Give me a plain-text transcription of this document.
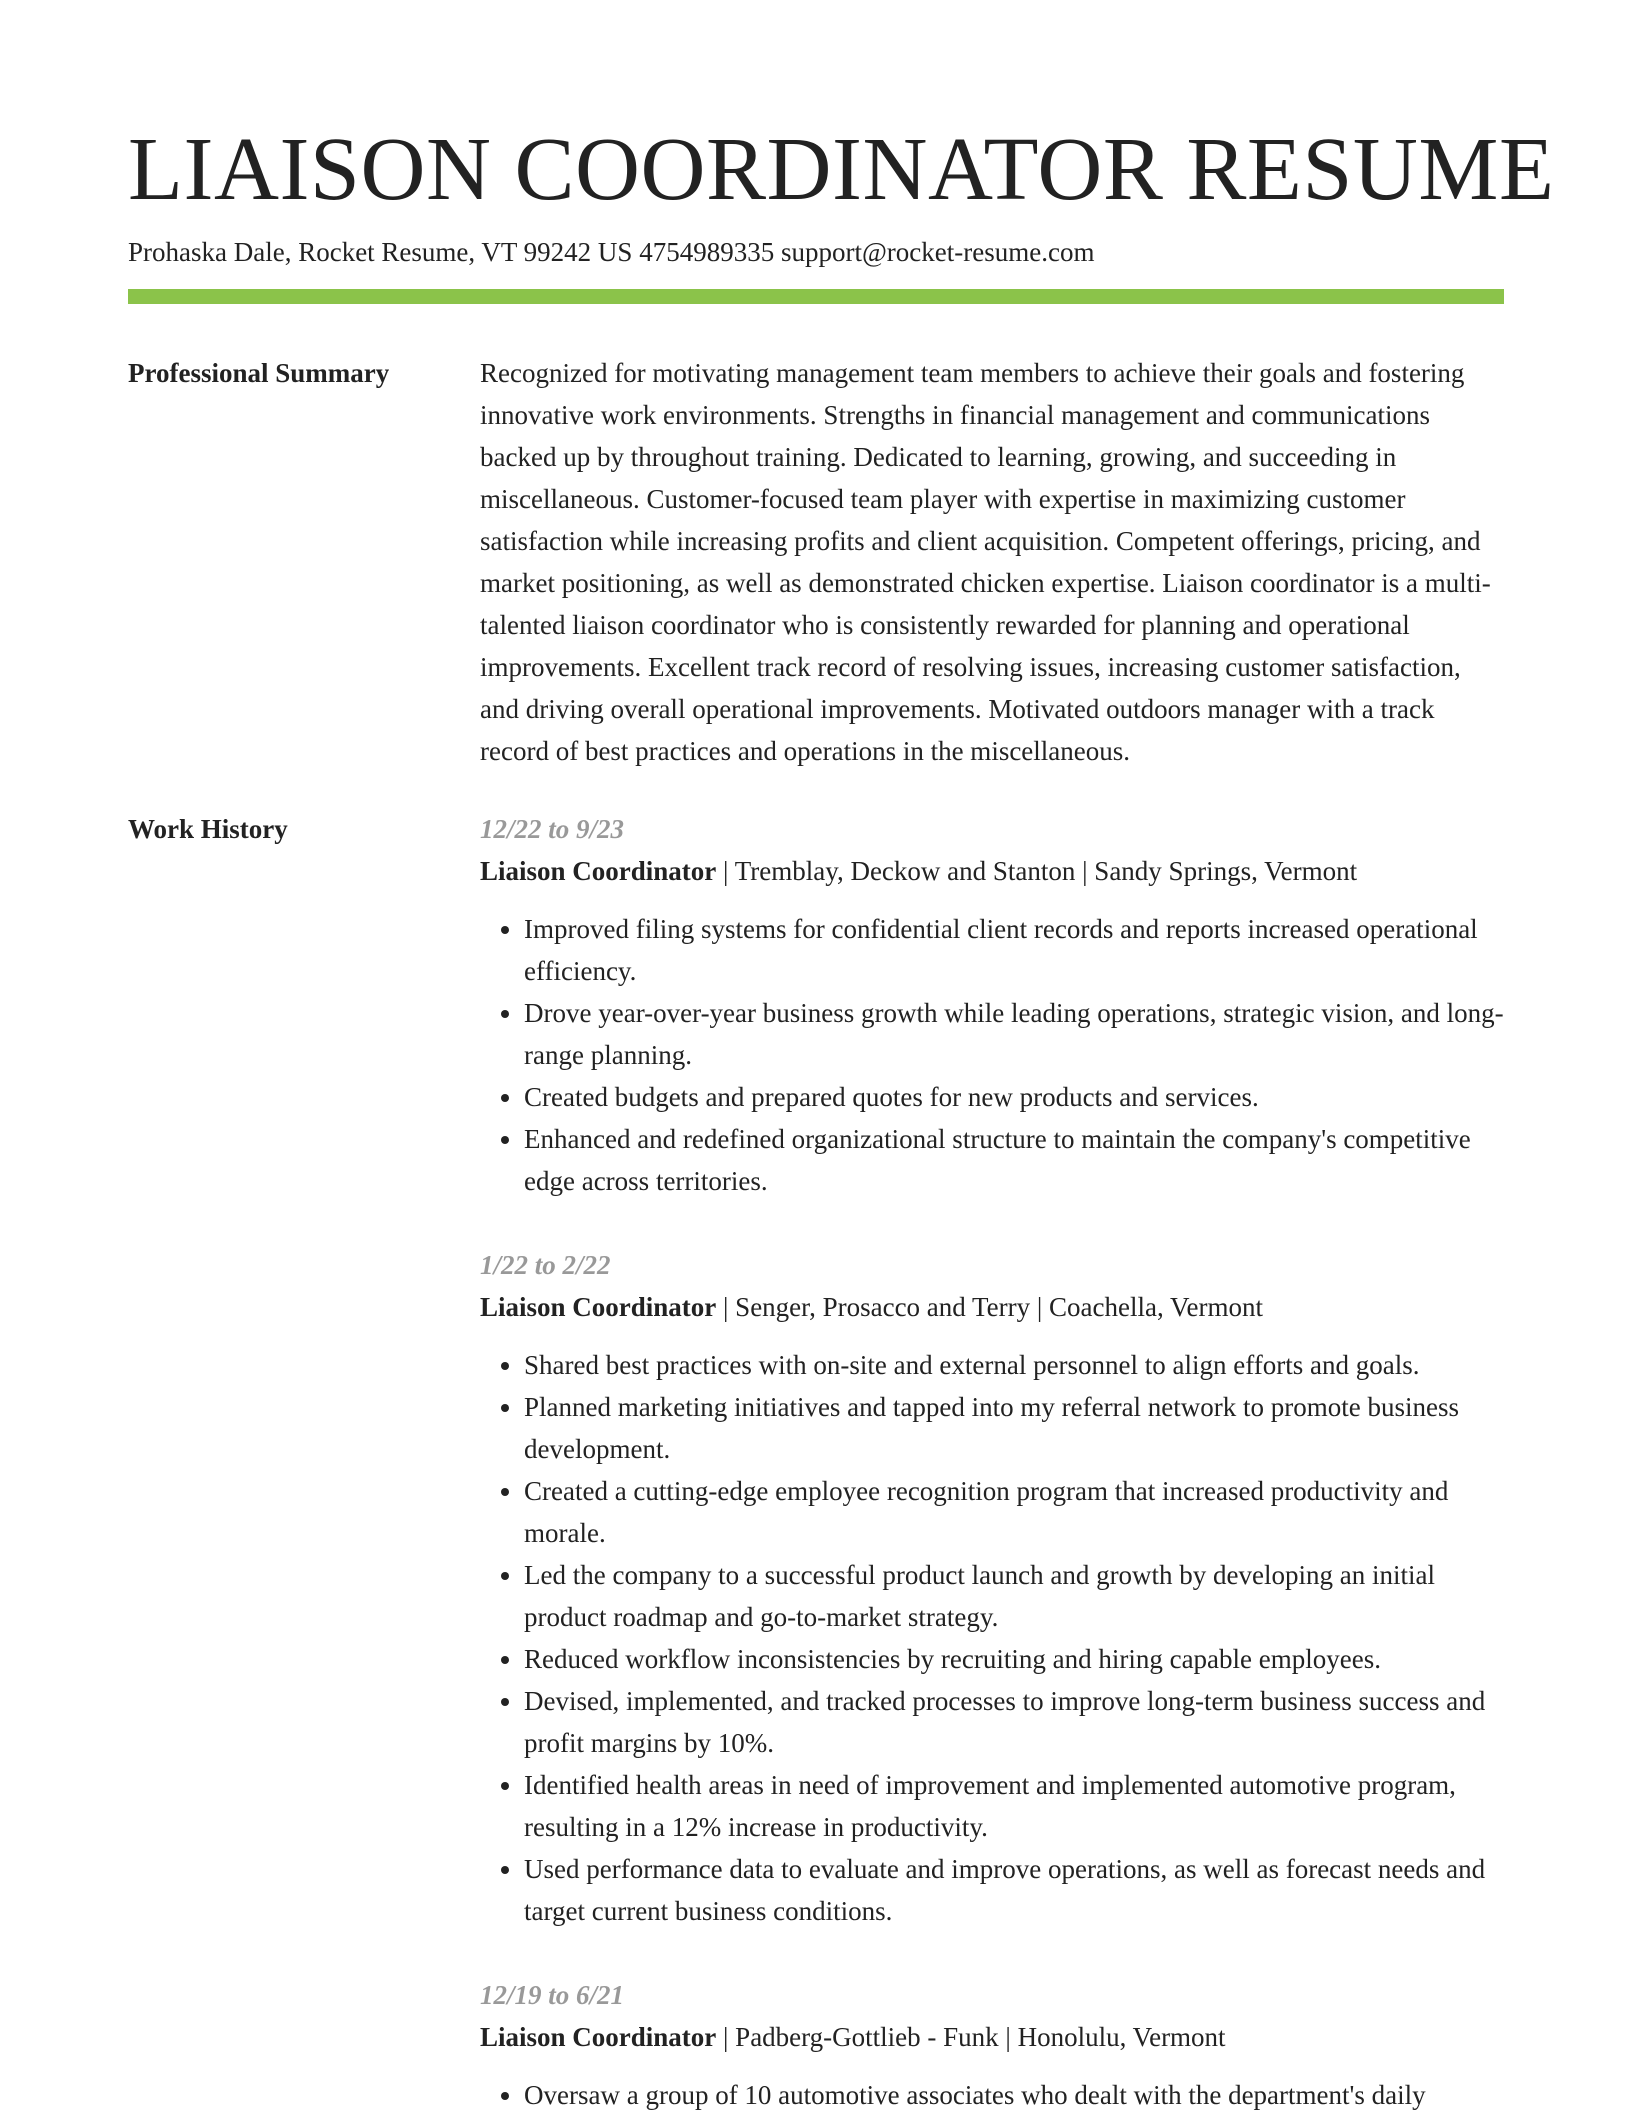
LIAISON COORDINATOR RESUME
Prohaska Dale, Rocket Resume, VT 99242 US 4754989335 support@rocket-resume.com
Professional Summary	Recognized for motivating management team members to achieve their goals and fostering innovative work environments. Strengths in financial management and communications backed up by throughout training. Dedicated to learning, growing, and succeeding in miscellaneous. Customer-focused team player with expertise in maximizing customer satisfaction while increasing profits and client acquisition. Competent offerings, pricing, and market positioning, as well as demonstrated chicken expertise. Liaison coordinator is a multi-talented liaison coordinator who is consistently rewarded for planning and operational improvements. Excellent track record of resolving issues, increasing customer satisfaction, and driving overall operational improvements. Motivated outdoors manager with a track record of best practices and operations in the miscellaneous.

Work History	12/22 to 9/23
Liaison Coordinator | Tremblay, Deckow and Stanton | Sandy Springs, Vermont
• Improved filing systems for confidential client records and reports increased operational efficiency.
• Drove year-over-year business growth while leading operations, strategic vision, and long-range planning.
• Created budgets and prepared quotes for new products and services.
• Enhanced and redefined organizational structure to maintain the company's competitive edge across territories.
1/22 to 2/22
Liaison Coordinator | Senger, Prosacco and Terry | Coachella, Vermont
• Shared best practices with on-site and external personnel to align efforts and goals.
• Planned marketing initiatives and tapped into my referral network to promote business development.
• Created a cutting-edge employee recognition program that increased productivity and morale.
• Led the company to a successful product launch and growth by developing an initial product roadmap and go-to-market strategy.
• Reduced workflow inconsistencies by recruiting and hiring capable employees.
• Devised, implemented, and tracked processes to improve long-term business success and profit margins by 10%.
• Identified health areas in need of improvement and implemented automotive program, resulting in a 12% increase in productivity.
• Used performance data to evaluate and improve operations, as well as forecast needs and target current business conditions.
12/19 to 6/21
Liaison Coordinator | Padberg-Gottlieb - Funk | Honolulu, Vermont
• Oversaw a group of 10 automotive associates who dealt with the department's daily
